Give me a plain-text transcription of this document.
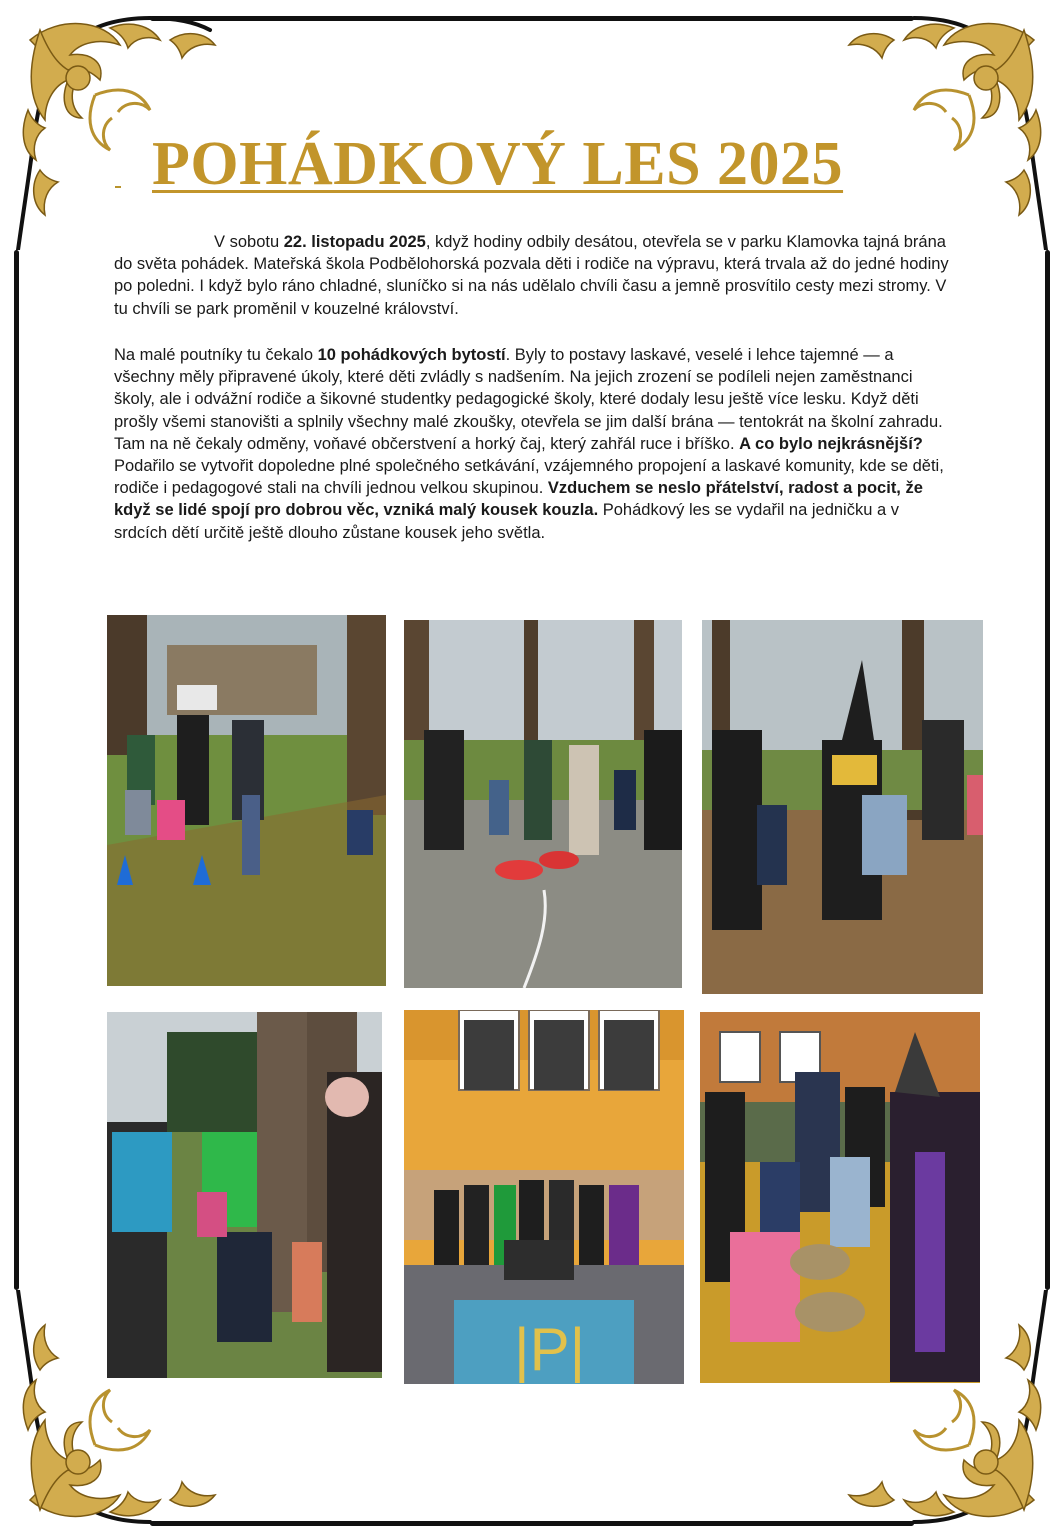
POHÁDKOVÝ LES 2025

V sobotu 22. listopadu 2025, když hodiny odbily desátou, otevřela se v parku Klamovka tajná brána do světa pohádek. Mateřská škola Podbělohorská pozvala děti i rodiče na výpravu, která trvala až do jedné hodiny po poledni. I když bylo ráno chladné, sluníčko si na nás udělalo chvíli času a jemně prosvítilo cesty mezi stromy. V tu chvíli se park proměnil v kouzelné království.

Na malé poutníky tu čekalo 10 pohádkových bytostí. Byly to postavy laskavé, veselé i lehce tajemné — a všechny měly připravené úkoly, které děti zvládly s nadšením. Na jejich zrození se podíleli nejen zaměstnanci školy, ale i odvážní rodiče a šikovné studentky pedagogické školy, které dodaly lesu ještě více lesku. Když děti prošly všemi stanovišti a splnily všechny malé zkoušky, otevřela se jim další brána — tentokrát na školní zahradu. Tam na ně čekaly odměny, voňavé občerstvení a horký čaj, který zahřál ruce i bříško. A co bylo nejkrásnější? Podařilo se vytvořit dopoledne plné společného setkávání, vzájemného propojení a laskavé komunity, kde se děti, rodiče i pedagogové stali na chvíli jednou velkou skupinou. Vzduchem se neslo přátelství, radost a pocit, že když se lidé spojí pro dobrou věc, vzniká malý kousek kouzla. Pohádkový les se vydařil na jedničku a v srdcích dětí určitě ještě dlouho zůstane kousek jeho světla.

|P|
